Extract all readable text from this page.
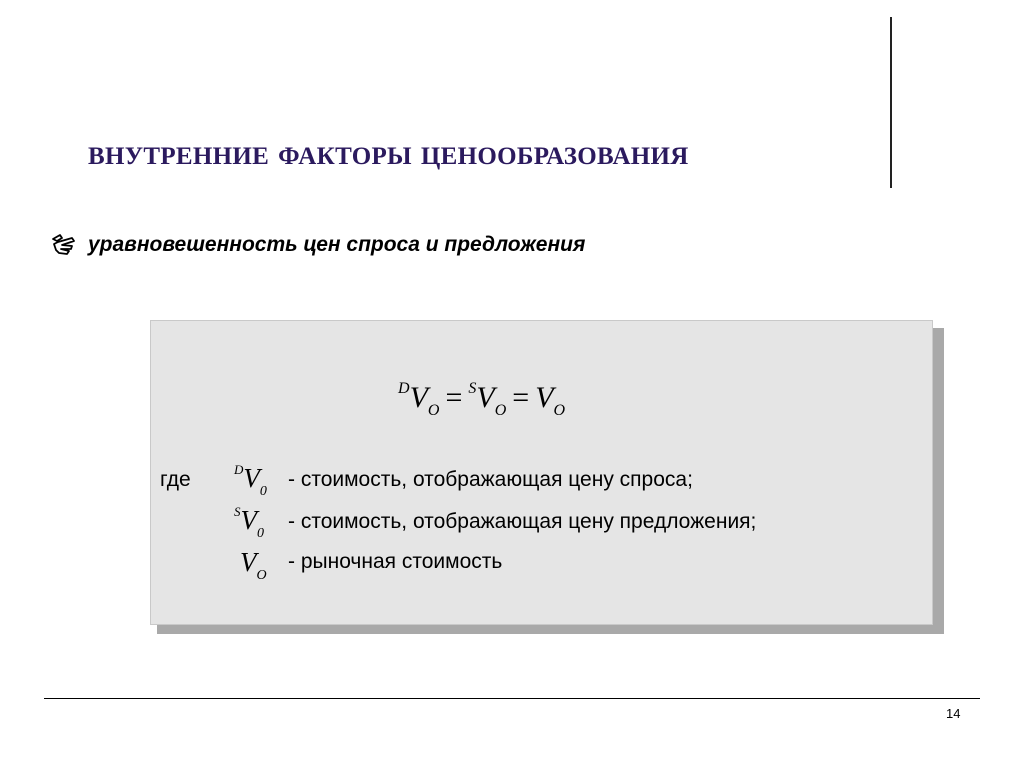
ВНУТРЕННИЕ ФАКТОРЫ ЦЕНООБРАЗОВАНИЯ
уравновешенность цен спроса и предложения
$^DV_O = ^SV_O = V_O$
где	$^DV_0$
- стоимость, отображающая цену спроса;
$^SV_0$
- стоимость, отображающая цену предложения;
$V_O$
- рыночная стоимость
14
